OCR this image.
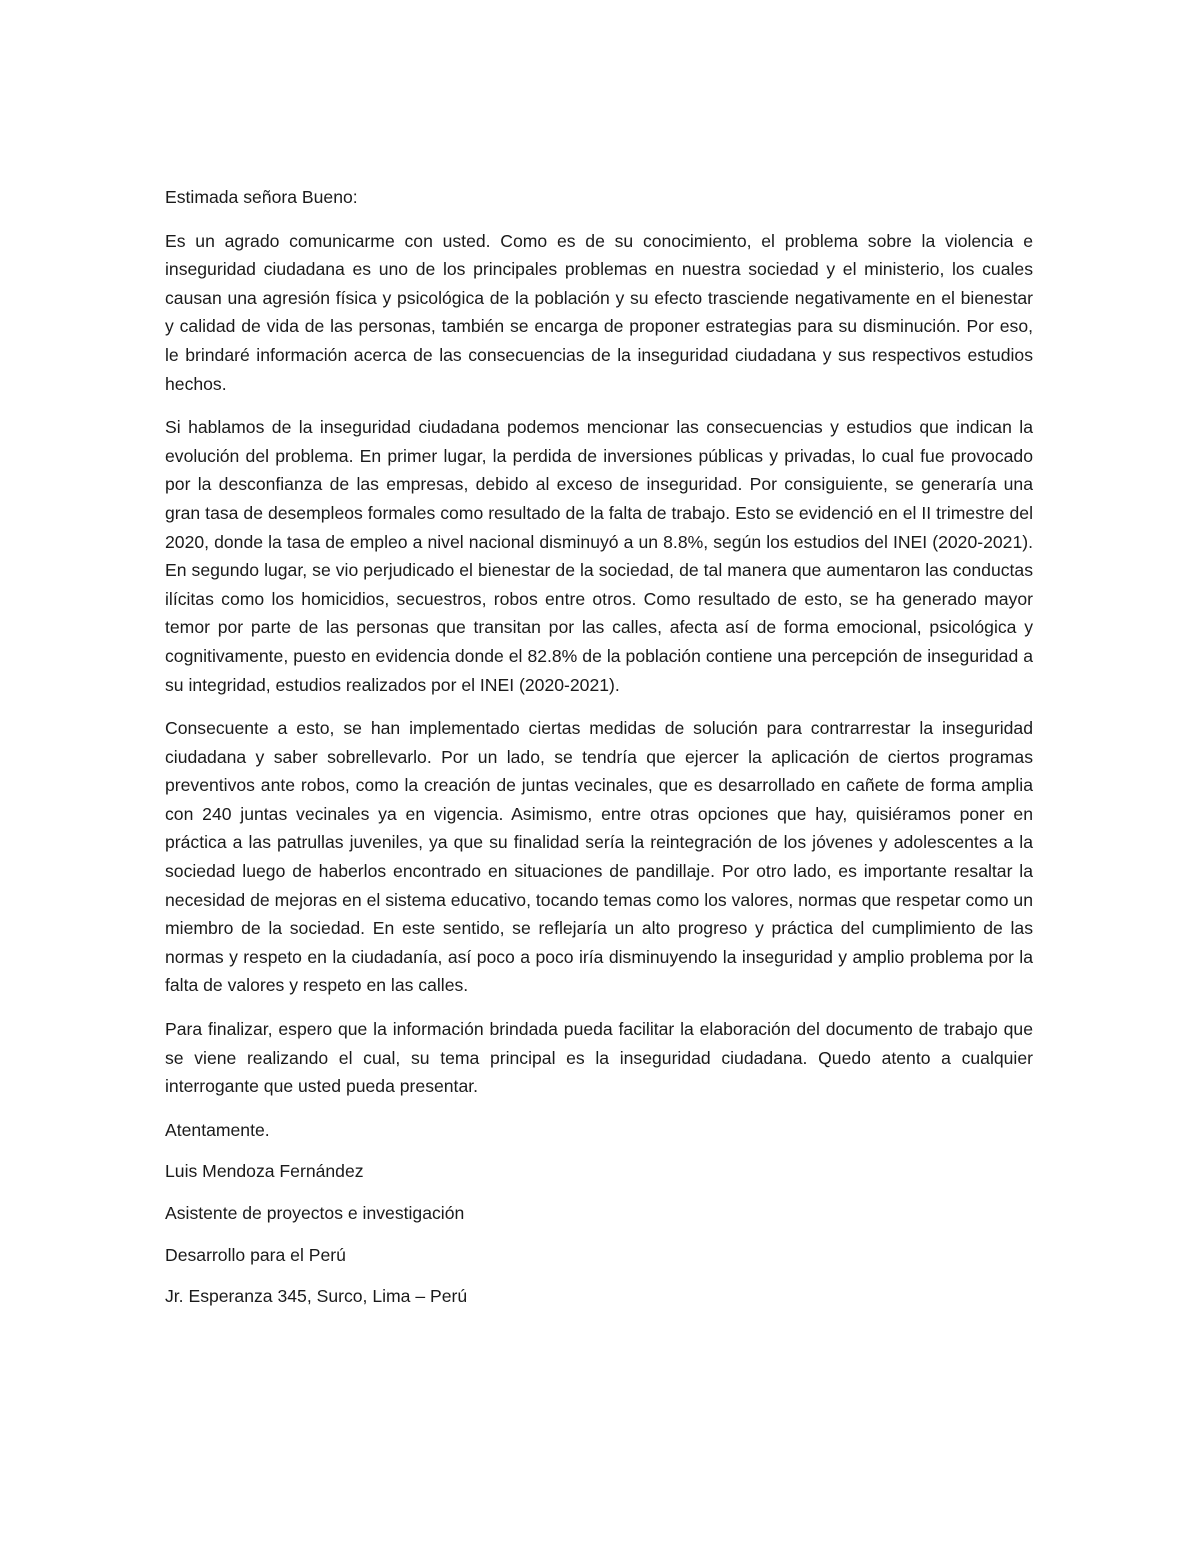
Estimada señora Bueno:

Es un agrado comunicarme con usted. Como es de su conocimiento, el problema sobre la violencia e inseguridad ciudadana es uno de los principales problemas en nuestra sociedad y el ministerio, los cuales causan una agresión física y psicológica de la población y su efecto trasciende negativamente en el bienestar y calidad de vida de las personas, también se encarga de proponer estrategias para su disminución. Por eso, le brindaré información acerca de las consecuencias de la inseguridad ciudadana y sus respectivos estudios hechos.

Si hablamos de la inseguridad ciudadana podemos mencionar las consecuencias y estudios que indican la evolución del problema. En primer lugar, la perdida de inversiones públicas y privadas, lo cual fue provocado por la desconfianza de las empresas, debido al exceso de inseguridad. Por consiguiente, se generaría una gran tasa de desempleos formales como resultado de la falta de trabajo. Esto se evidenció en el II trimestre del 2020, donde la tasa de empleo a nivel nacional disminuyó a un 8.8%, según los estudios del INEI (2020-2021). En segundo lugar, se vio perjudicado el bienestar de la sociedad, de tal manera que aumentaron las conductas ilícitas como los homicidios, secuestros, robos entre otros. Como resultado de esto, se ha generado mayor temor por parte de las personas que transitan por las calles, afecta así de forma emocional, psicológica y cognitivamente, puesto en evidencia donde el 82.8% de la población contiene una percepción de inseguridad a su integridad, estudios realizados por el INEI (2020-2021).

Consecuente a esto, se han implementado ciertas medidas de solución para contrarrestar la inseguridad ciudadana y saber sobrellevarlo. Por un lado, se tendría que ejercer la aplicación de ciertos programas preventivos ante robos, como la creación de juntas vecinales, que es desarrollado en cañete de forma amplia con 240 juntas vecinales ya en vigencia. Asimismo, entre otras opciones que hay, quisiéramos poner en práctica a las patrullas juveniles, ya que su finalidad sería la reintegración de los jóvenes y adolescentes a la sociedad luego de haberlos encontrado en situaciones de pandillaje. Por otro lado, es importante resaltar la necesidad de mejoras en el sistema educativo, tocando temas como los valores, normas que respetar como un miembro de la sociedad. En este sentido, se reflejaría un alto progreso y práctica del cumplimiento de las normas y respeto en la ciudadanía, así poco a poco iría disminuyendo la inseguridad y amplio problema por la falta de valores y respeto en las calles.

Para finalizar, espero que la información brindada pueda facilitar la elaboración del documento de trabajo que se viene realizando el cual, su tema principal es la inseguridad ciudadana. Quedo atento a cualquier interrogante que usted pueda presentar.

Atentamente.

Luis Mendoza Fernández

Asistente de proyectos e investigación

Desarrollo para el Perú

Jr. Esperanza 345, Surco, Lima – Perú
